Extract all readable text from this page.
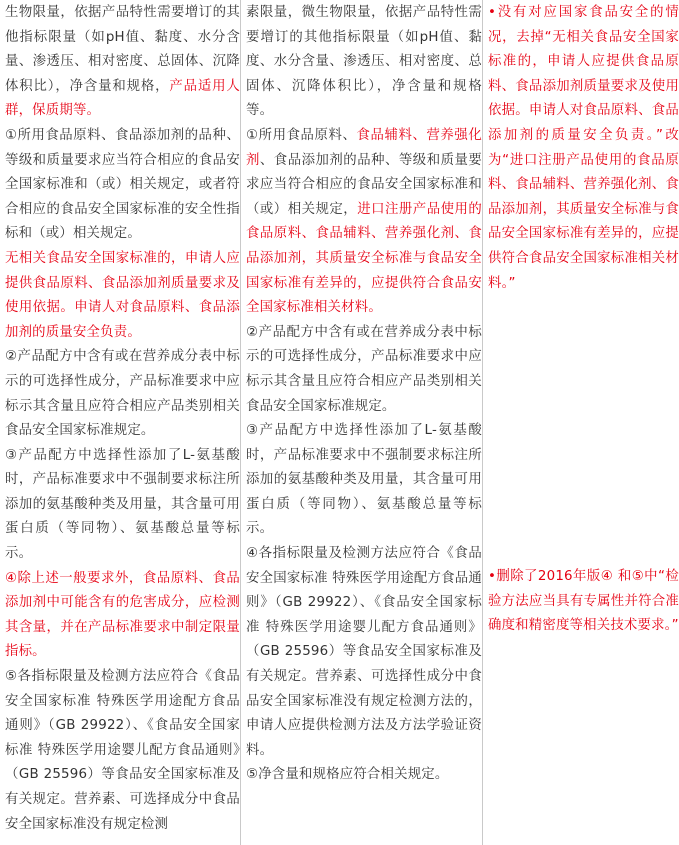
生物限量，依据产品特性需要增订的其他指标限量（如pH值、黏度、水分含量、渗透压、相对密度、总固体、沉降体积比），净含量和规格，产品适用人群，保质期等。

①所用食品原料、食品添加剂的品种、等级和质量要求应当符合相应的食品安全国家标准和（或）相关规定，或者符合相应的食品安全国家标准的安全性指标和（或）相关规定。

无相关食品安全国家标准的，申请人应提供食品原料、食品添加剂质量要求及使用依据。申请人对食品原料、食品添加剂的质量安全负责。

②产品配方中含有或在营养成分表中标示的可选择性成分，产品标准要求中应标示其含量且应符合相应产品类别相关食品安全国家标准规定。

③产品配方中选择性添加了L-氨基酸时，产品标准要求中不强制要求标注所添加的氨基酸种类及用量，其含量可用蛋白质（等同物）、氨基酸总量等标示。

④除上述一般要求外，食品原料、食品添加剂中可能含有的危害成分，应检测其含量，并在产品标准要求中制定限量指标。

⑤各指标限量及检测方法应符合《食品安全国家标准 特殊医学用途配方食品通则》（GB 29922）、《食品安全国家标准 特殊医学用途婴儿配方食品通则》（GB 25596）等食品安全国家标准及有关规定。营养素、可选择成分中食品安全国家标准没有规定检测

素限量，微生物限量，依据产品特性需要增订的其他指标限量（如pH值、黏度、水分含量、渗透压、相对密度、总固体、沉降体积比），净含量和规格等。

①所用食品原料、食品辅料、营养强化剂、食品添加剂的品种、等级和质量要求应当符合相应的食品安全国家标准和（或）相关规定，进口注册产品使用的食品原料、食品辅料、营养强化剂、食品添加剂，其质量安全标准与食品安全国家标准有差异的，应提供符合食品安全国家标准相关材料。

②产品配方中含有或在营养成分表中标示的可选择性成分，产品标准要求中应标示其含量且应符合相应产品类别相关食品安全国家标准规定。

③产品配方中选择性添加了L-氨基酸时，产品标准要求中不强制要求标注所添加的氨基酸种类及用量，其含量可用蛋白质（等同物）、氨基酸总量等标示。

④各指标限量及检测方法应符合《食品安全国家标准 特殊医学用途配方食品通则》（GB 29922）、《食品安全国家标准 特殊医学用途婴儿配方食品通则》（GB 25596）等食品安全国家标准及有关规定。营养素、可选择性成分中食品安全国家标准没有规定检测方法的，申请人应提供检测方法及方法学验证资料。

⑤净含量和规格应符合相关规定。

•没有对应国家食品安全的情况，去掉“无相关食品安全国家标准的，申请人应提供食品原料、食品添加剂质量要求及使用依据。申请人对食品原料、食品添加剂的质量安全负责。”改为“进口注册产品使用的食品原料、食品辅料、营养强化剂、食品添加剂，其质量安全标准与食品安全国家标准有差异的，应提供符合食品安全国家标准相关材料。”

•删除了2016年版④ 和⑤中“检验方法应当具有专属性并符合准确度和精密度等相关技术要求。”
